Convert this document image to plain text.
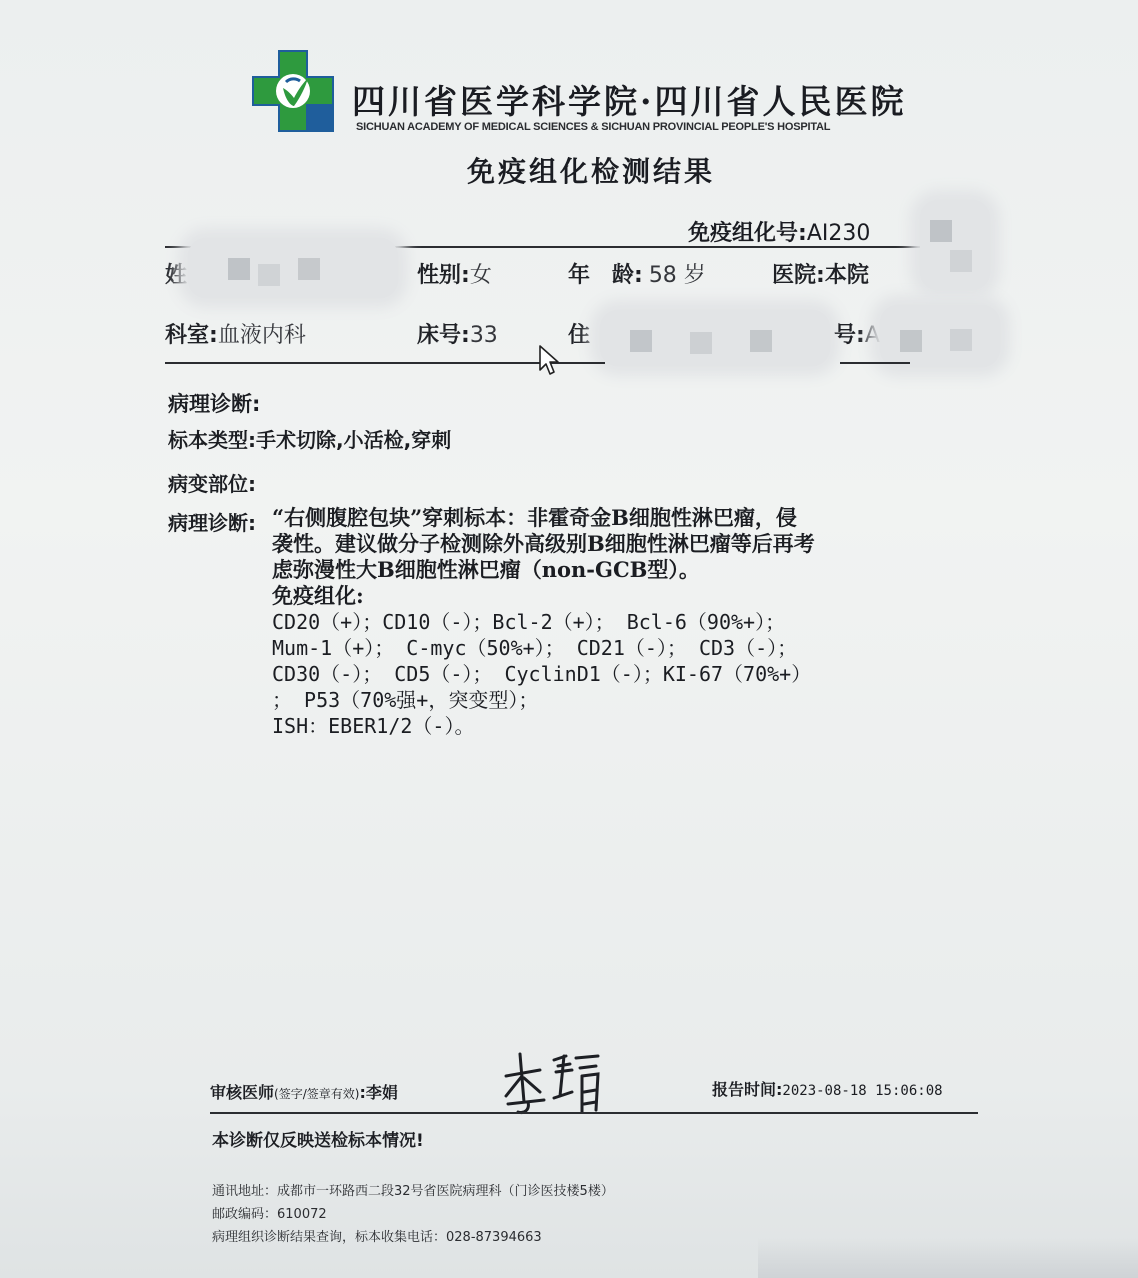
四川省医学科学院·四川省人民医院
SICHUAN ACADEMY OF MEDICAL SCIENCES & SICHUAN PROVINCIAL PEOPLE'S HOSPITAL
免疫组化检测结果
免疫组化号:AI230
姓	性别:女	年　龄: 58 岁	医院:本院
科室:血液内科	床号:33	住	号:A
病理诊断:
标本类型:手术切除,小活检,穿刺
病变部位:
病理诊断: “右侧腹腔包块”穿刺标本：非霍奇金B细胞性淋巴瘤，侵
袭性。建议做分子检测除外高级别B细胞性淋巴瘤等后再考
虑弥漫性大B细胞性淋巴瘤（non-GCB型）。
免疫组化:
CD20（+）；CD10（-）；Bcl-2（+）； Bcl-6（90%+）；
Mum-1（+）； C-myc（50%+）； CD21（-）； CD3（-）；
CD30（-）； CD5（-）； CyclinD1（-）；KI-67（70%+）
； P53（70%强+，突变型）；
ISH：EBER1/2（-）。
审核医师(签字/签章有效):李娟	报告时间:2023-08-18 15:06:08
本诊断仅反映送检标本情况!
通讯地址：成都市一环路西二段32号省医院病理科（门诊医技楼5楼）
邮政编码：610072
病理组织诊断结果查询，标本收集电话：028-87394663
